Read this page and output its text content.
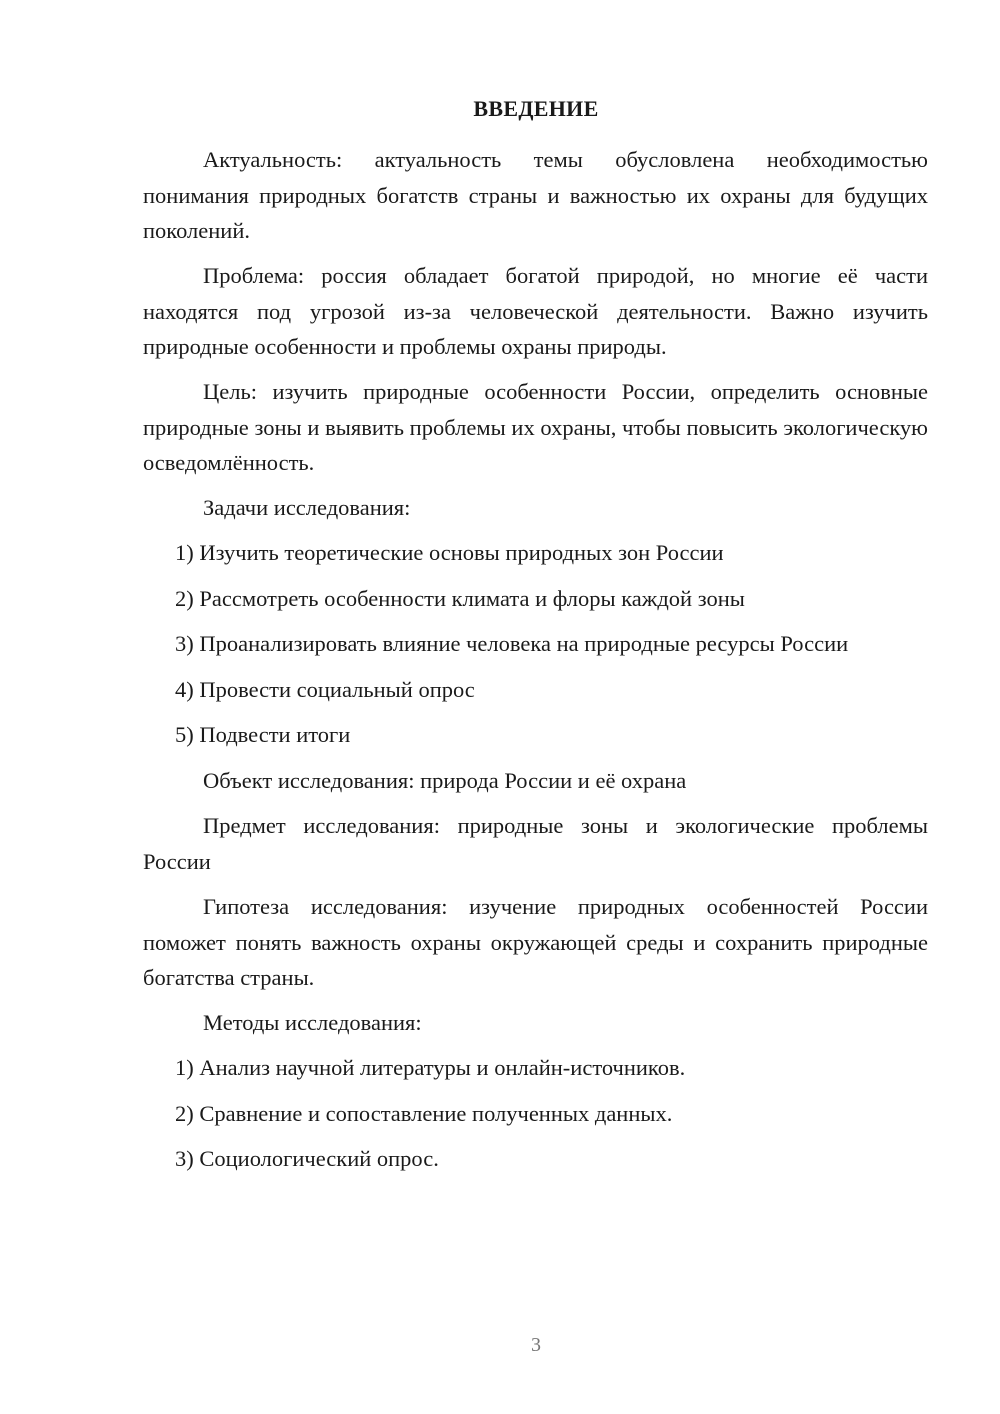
ВВЕДЕНИЕ

Актуальность: актуальность темы обусловлена необходимостью понимания природных богатств страны и важностью их охраны для будущих поколений.

Проблема: россия обладает богатой природой, но многие её части находятся под угрозой из-за человеческой деятельности. Важно изучить природные особенности и проблемы охраны природы.

Цель: изучить природные особенности России, определить основные природные зоны и выявить проблемы их охраны, чтобы повысить экологическую осведомлённость.

Задачи исследования:

1) Изучить теоретические основы природных зон России

2) Рассмотреть особенности климата и флоры каждой зоны

3) Проанализировать влияние человека на природные ресурсы России

4) Провести социальный опрос

5) Подвести итоги

Объект исследования: природа России и её охрана

Предмет исследования: природные зоны и экологические проблемы России

Гипотеза исследования: изучение природных особенностей России поможет понять важность охраны окружающей среды и сохранить природные богатства страны.

Методы исследования:

1) Анализ научной литературы и онлайн-источников.

2) Сравнение и сопоставление полученных данных.

3) Социологический опрос.

3
